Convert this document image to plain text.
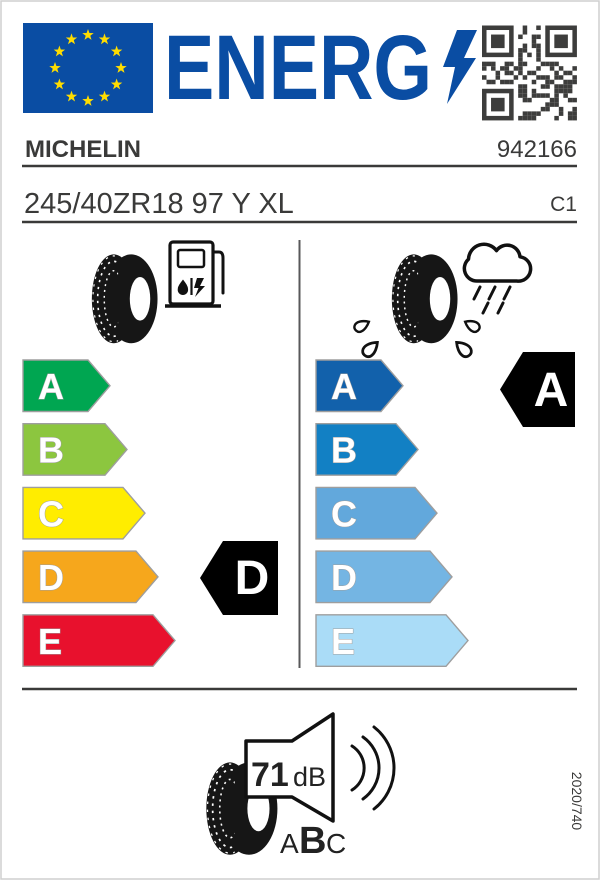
ENERG
MICHELIN	942166
245/40ZR18 97 Y XL	C1
A
B
C
D
E
D
A
B
C
D
E
A
71 dB
A B C
2020/740
